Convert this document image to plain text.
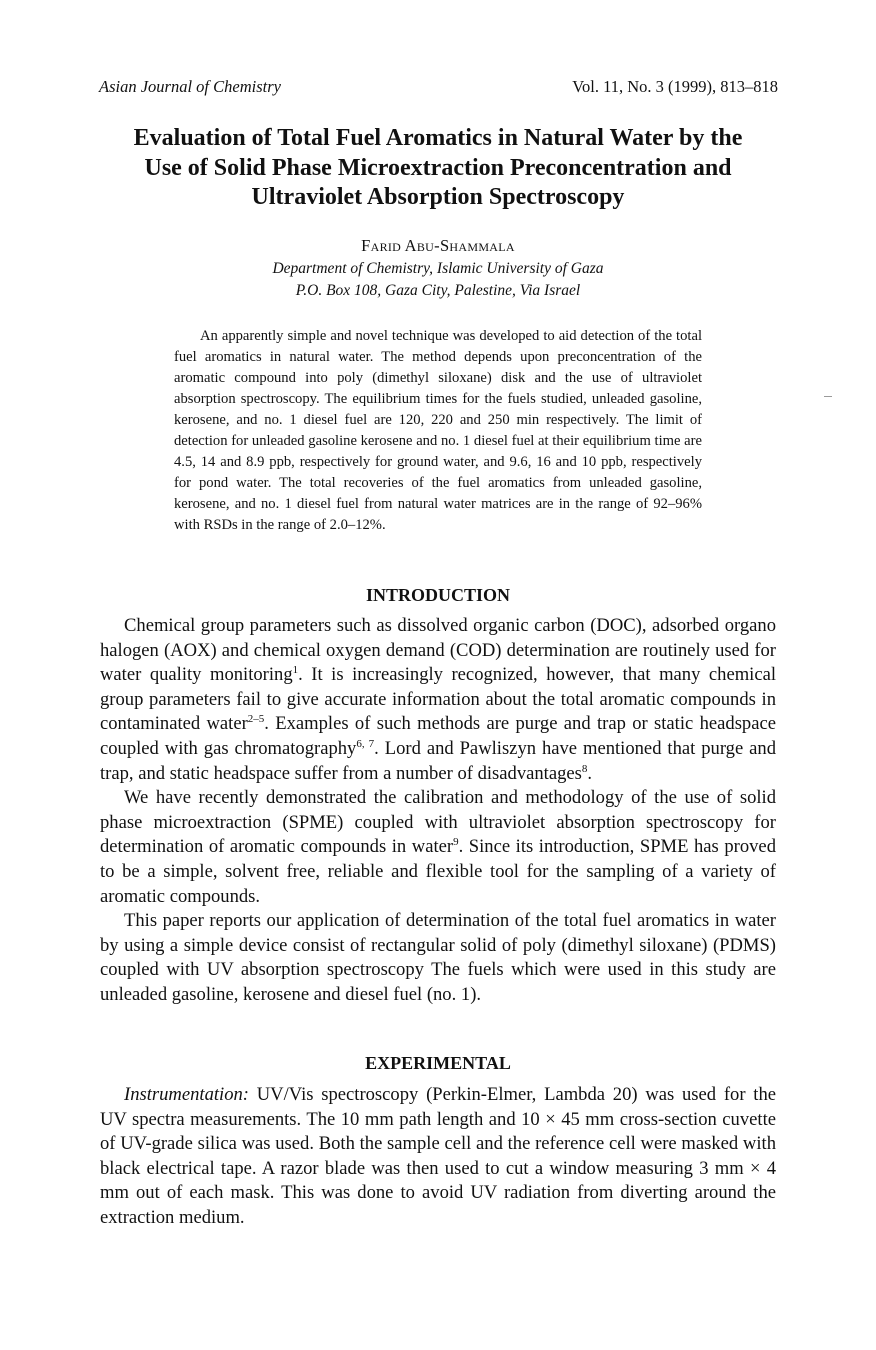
Asian Journal of Chemistry	Vol. 11, No. 3 (1999), 813–818
Evaluation of Total Fuel Aromatics in Natural Water by the
Use of Solid Phase Microextraction Preconcentration and
Ultraviolet Absorption Spectroscopy
Farid Abu-Shammala
Department of Chemistry, Islamic University of Gaza
P.O. Box 108, Gaza City, Palestine, Via Israel
An apparently simple and novel technique was developed to aid detection of the total fuel aromatics in natural water. The method depends upon preconcentration of the aromatic compound into poly (dimethyl siloxane) disk and the use of ultraviolet absorption spectroscopy. The equilibrium times for the fuels studied, unleaded gasoline, kerosene, and no. 1 diesel fuel are 120, 220 and 250 min respectively. The limit of detection for unleaded gasoline kerosene and no. 1 diesel fuel at their equilibrium time are 4.5, 14 and 8.9 ppb, respectively for ground water, and 9.6, 16 and 10 ppb, respectively for pond water. The total recoveries of the fuel aromatics from unleaded gasoline, kerosene, and no. 1 diesel fuel from natural water matrices are in the range of 92–96% with RSDs in the range of 2.0–12%.
INTRODUCTION

Chemical group parameters such as dissolved organic carbon (DOC), adsorbed organo halogen (AOX) and chemical oxygen demand (COD) determination are routinely used for water quality monitoring$^1$. It is increasingly recognized, however, that many chemical group parameters fail to give accurate information about the total aromatic compounds in contaminated water$^{2-5}$. Examples of such methods are purge and trap or static headspace coupled with gas chromatography$^{6, 7}$. Lord and Pawliszyn have mentioned that purge and trap, and static headspace suffer from a number of disadvantages$^8$.

We have recently demonstrated the calibration and methodology of the use of solid phase microextraction (SPME) coupled with ultraviolet absorption spectroscopy for determination of aromatic compounds in water$^9$. Since its introduction, SPME has proved to be a simple, solvent free, reliable and flexible tool for the sampling of a variety of aromatic compounds.

This paper reports our application of determination of the total fuel aromatics in water by using a simple device consist of rectangular solid of poly (dimethyl siloxane) (PDMS) coupled with UV absorption spectroscopy The fuels which were used in this study are unleaded gasoline, kerosene and diesel fuel (no. 1).

EXPERIMENTAL

Instrumentation: UV/Vis spectroscopy (Perkin-Elmer, Lambda 20) was used for the UV spectra measurements. The 10 mm path length and 10 × 45 mm cross-section cuvette of UV-grade silica was used. Both the sample cell and the reference cell were masked with black electrical tape. A razor blade was then used to cut a window measuring 3 mm × 4 mm out of each mask. This was done to avoid UV radiation from diverting around the extraction medium.
